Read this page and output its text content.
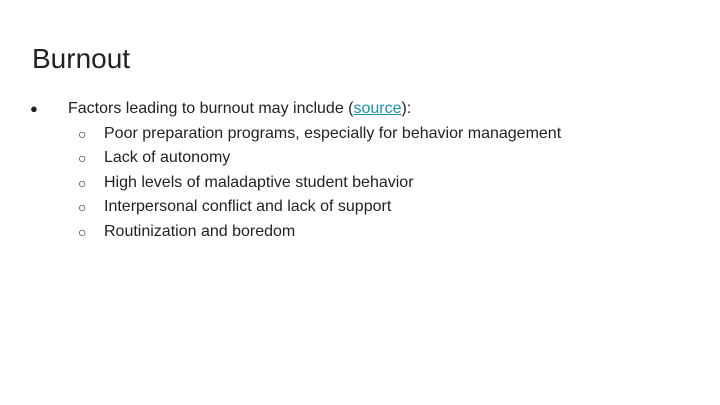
Burnout
● Factors leading to burnout may include (source):
○ Poor preparation programs, especially for behavior management
○ Lack of autonomy
○ High levels of maladaptive student behavior
○ Interpersonal conflict and lack of support
○ Routinization and boredom
